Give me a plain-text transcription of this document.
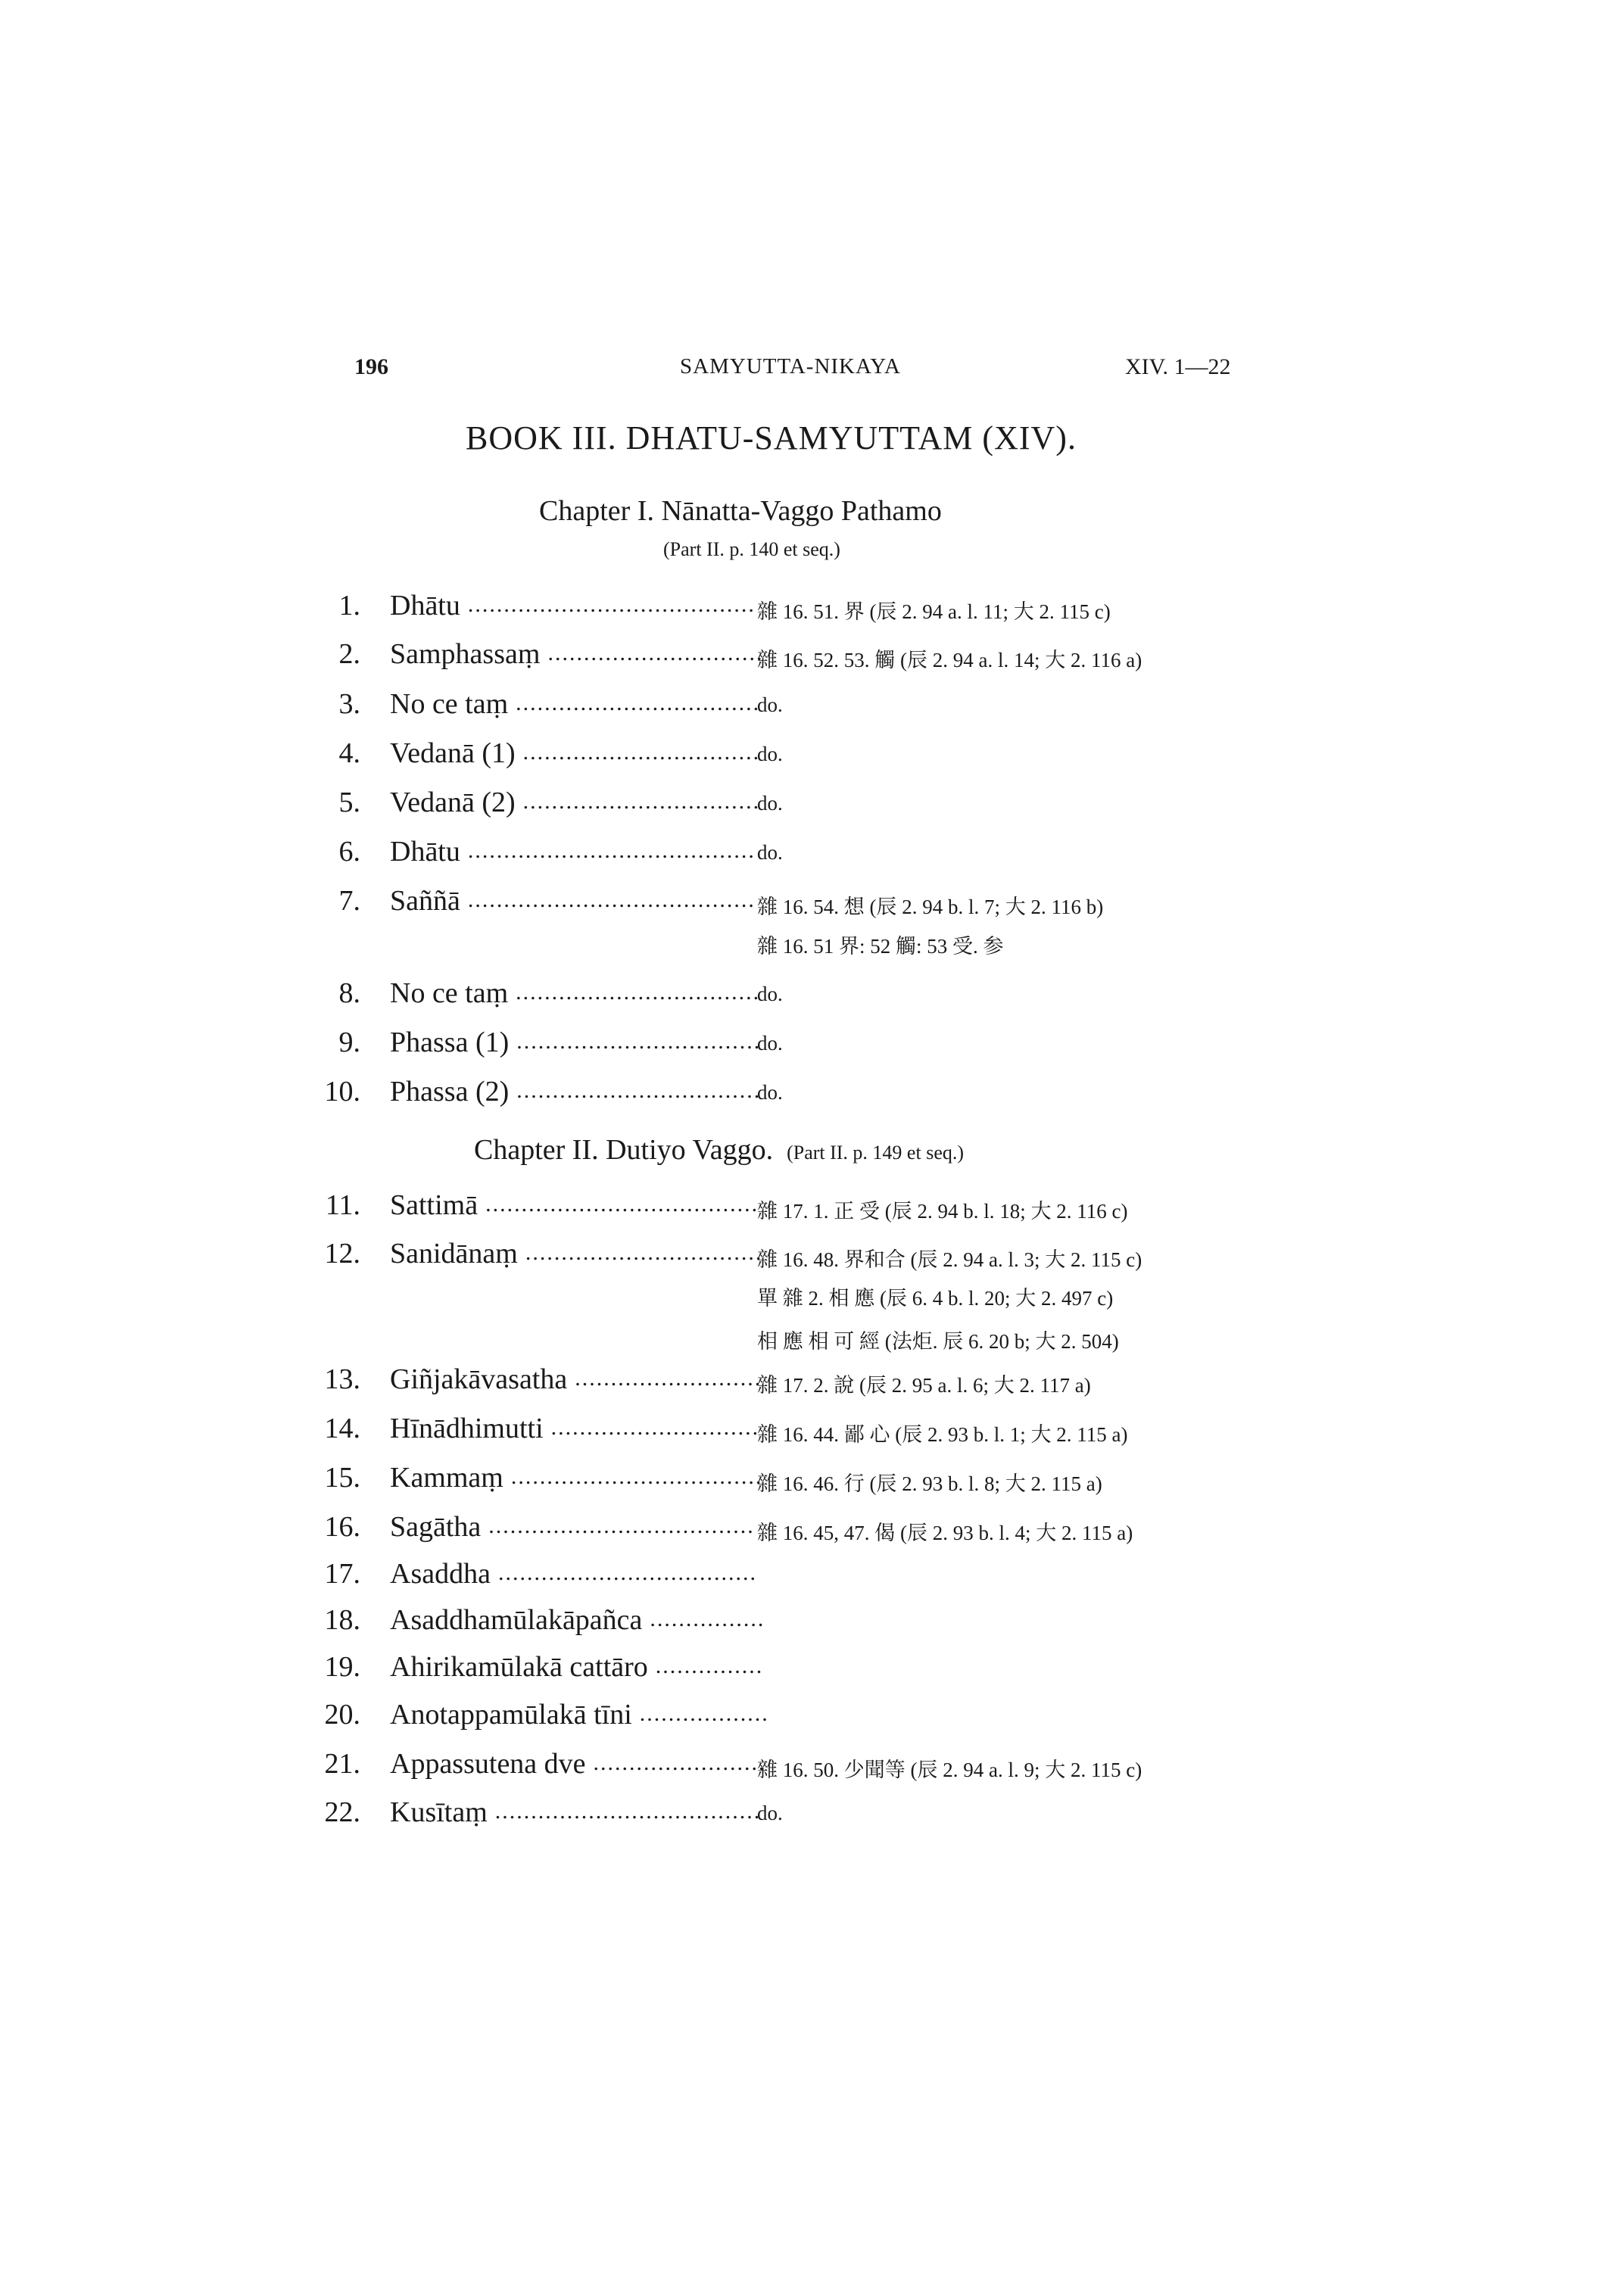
196	SAMYUTTA-NIKAYA	XIV. 1—22
BOOK III. DHATU-SAMYUTTAM (XIV).
Chapter I. Nānatta-Vaggo Pathamo
(Part II. p. 140 et seq.)
Chapter II. Dutiyo Vaggo. (Part II. p. 149 et seq.)
1. Dhātu ........................................ 雜 16. 51. 界 (辰 2. 94 a. l. 11; 大 2. 115 c)
2. Samphassaṃ ..............................
雜 16. 52. 53. 觸 (辰 2. 94 a. l. 14; 大 2. 116 a)
3. No ce taṃ ..................................
do.
4. Vedanā (1) .................................
do.
5. Vedanā (2) .................................
do.
6. Dhātu ........................................ do.
7. Saññā ........................................ 雜 16. 54. 想 (辰 2. 94 b. l. 7; 大 2. 116 b)
雜 16. 51 界: 52 觸: 53 受. 参
8. No ce taṃ ..................................
do.
9. Phassa (1) ..................................
do.
10. Phassa (2) ..................................
do.
11. Sattimā ......................................
雜 17. 1. 正 受 (辰 2. 94 b. l. 18; 大 2. 116 c)
12. Sanidānaṃ .................................
雜 16. 48. 界和合 (辰 2. 94 a. l. 3; 大 2. 115 c)
單 雜 2. 相 應 (辰 6. 4 b. l. 20; 大 2. 497 c)
相 應 相 可 經 (法炬. 辰 6. 20 b; 大 2. 504)
13. Giñjakāvasatha ..........................
雜 17. 2. 說 (辰 2. 95 a. l. 6; 大 2. 117 a)
14. Hīnādhimutti .............................
雜 16. 44. 鄙 心 (辰 2. 93 b. l. 1; 大 2. 115 a)
15. Kammaṃ ...................................
雜 16. 46. 行 (辰 2. 93 b. l. 8; 大 2. 115 a)
16. Sagātha ..................................... 雜 16. 45, 47. 偈 (辰 2. 93 b. l. 4; 大 2. 115 a)
17. Asaddha ....................................
18. Asaddhamūlakāpañca ................
19. Ahirikamūlakā cattāro ...............
20. Anotappamūlakā tīni ..................
21. Appassutena dve ........................
雜 16. 50. 少聞等 (辰 2. 94 a. l. 9; 大 2. 115 c)
22. Kusītaṃ .....................................
do.
